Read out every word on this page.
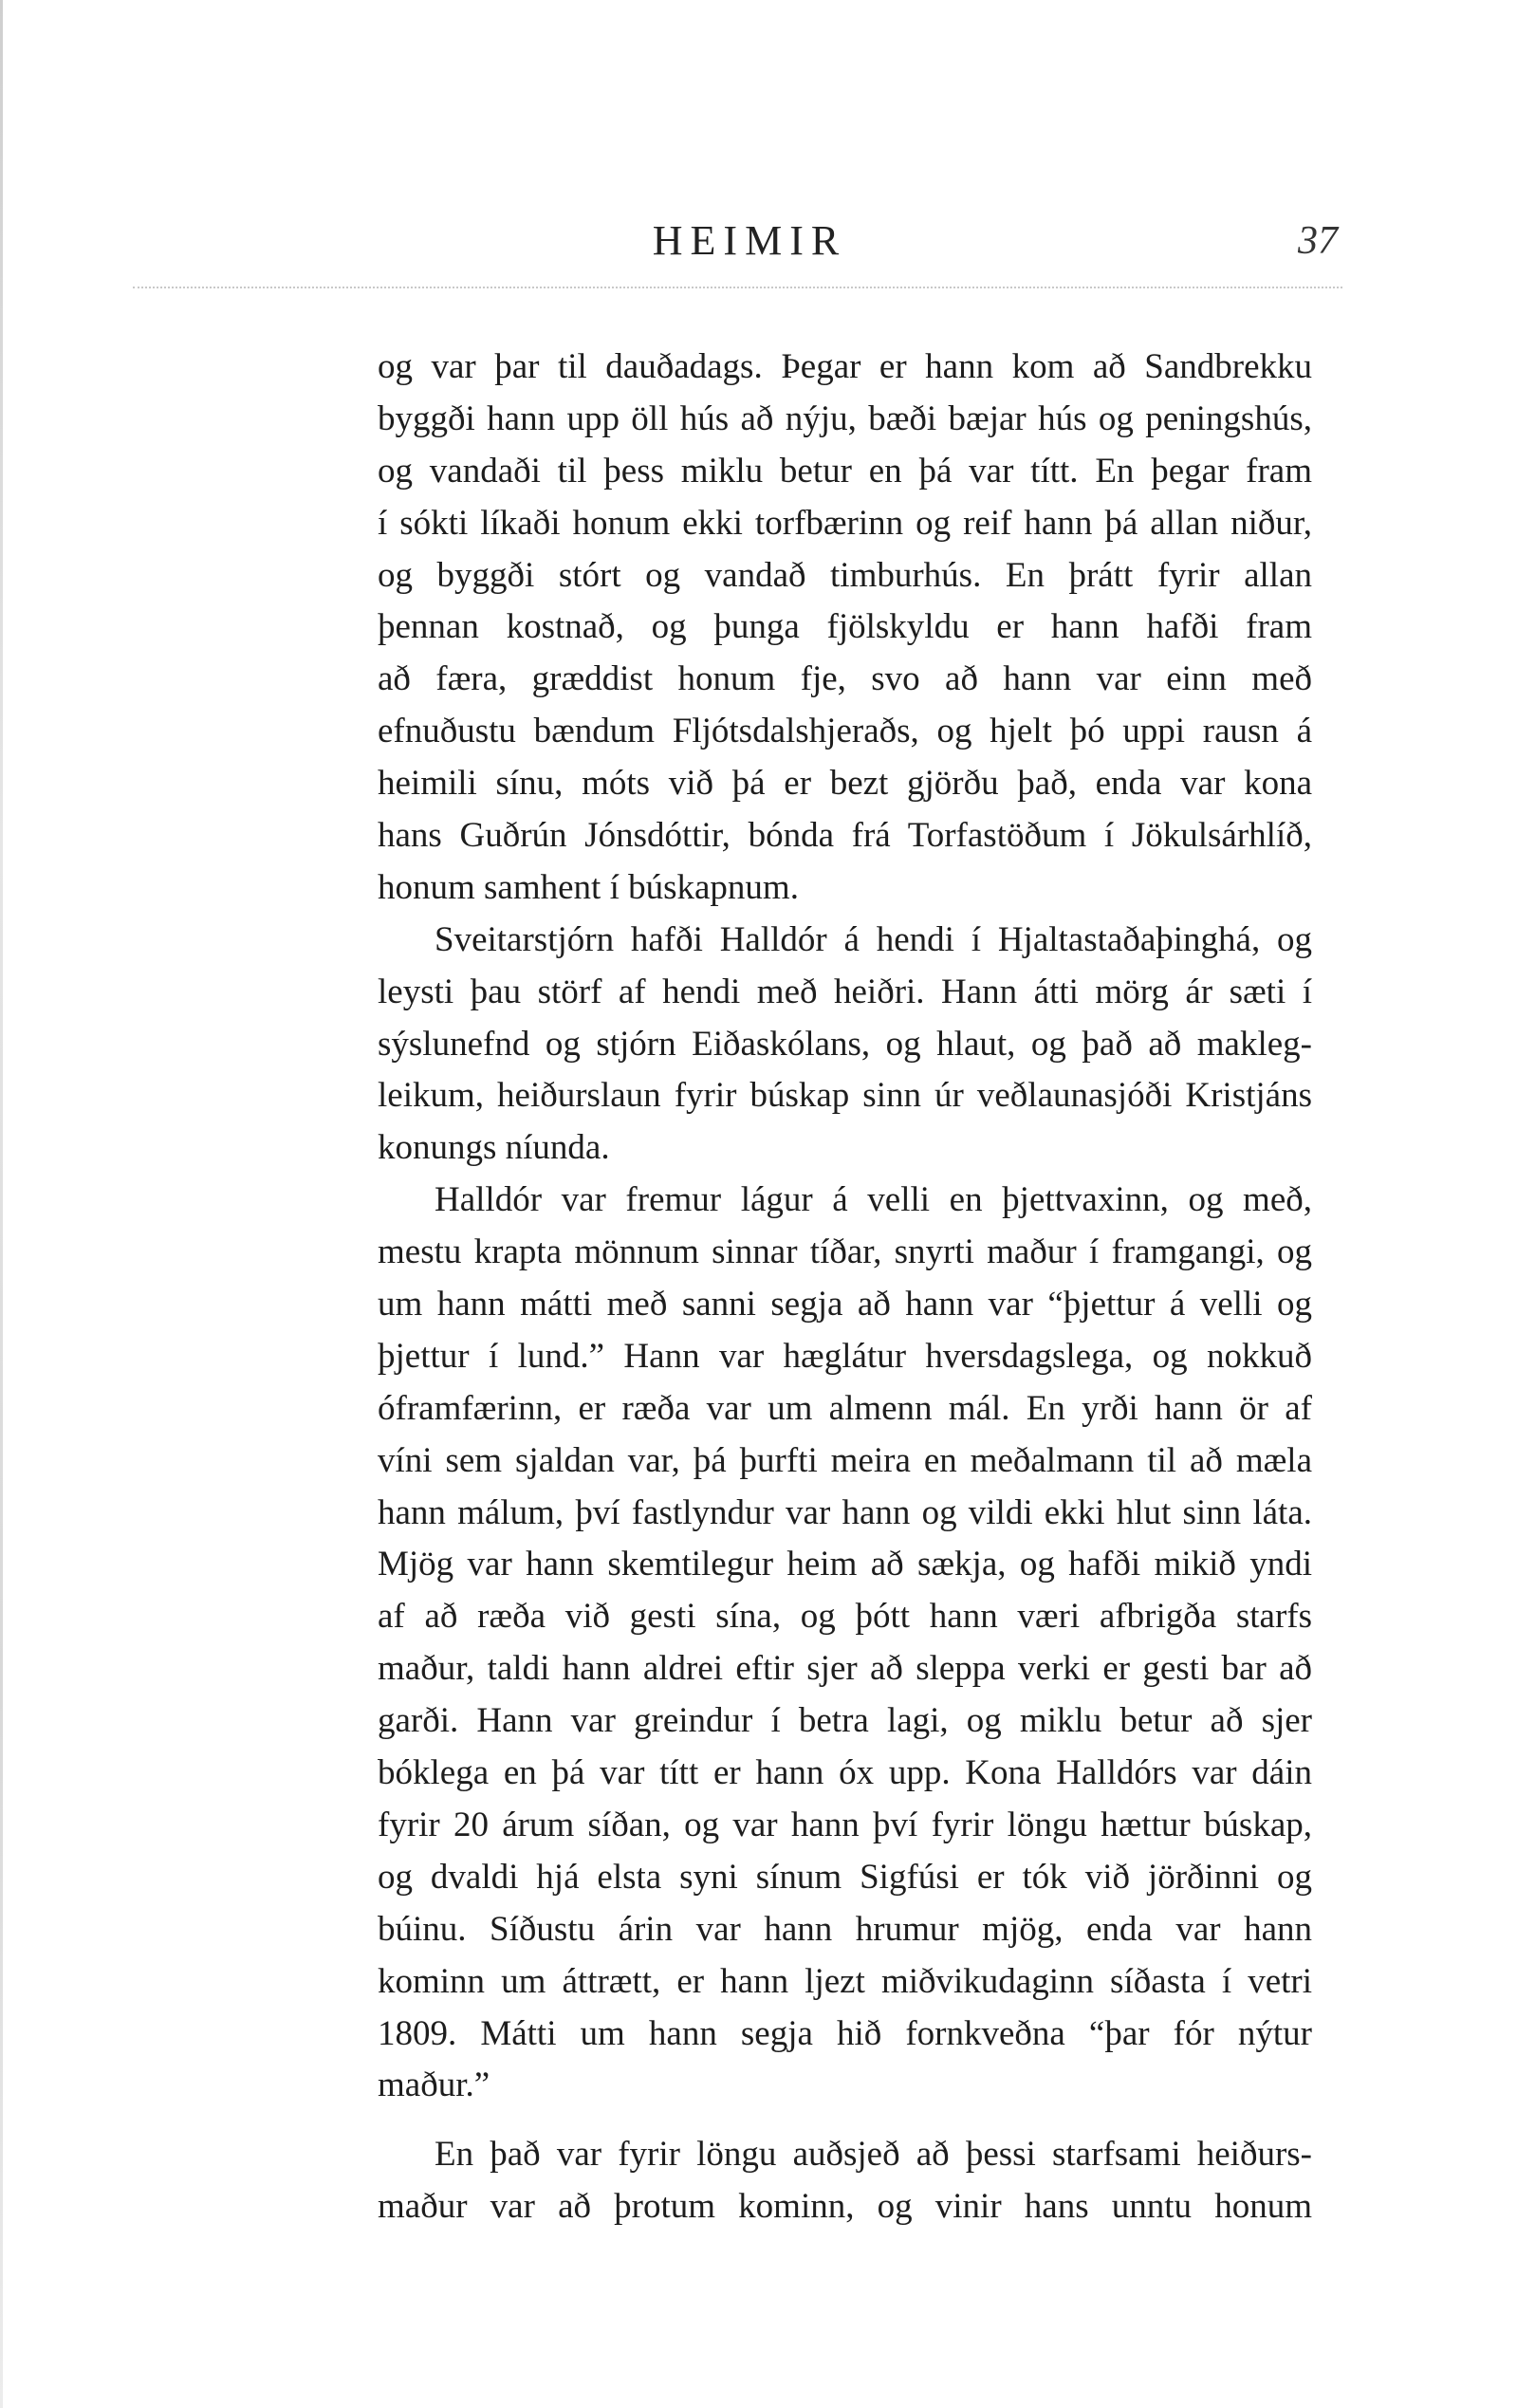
HEIMIR	37
og var þar til dauðadags. Þegar er hann kom að Sandbrekku
byggði hann upp öll hús að nýju, bæði bæjar hús og peningshús,
og vandaði til þess miklu betur en þá var títt. En þegar fram
í sókti líkaði honum ekki torfbærinn og reif hann þá allan niður,
og byggði stórt og vandað timburhús. En þrátt fyrir allan
þennan kostnað, og þunga fjölskyldu er hann hafði fram
að færa, græddist honum fje, svo að hann var einn með
efnuðustu bændum Fljótsdalshjeraðs, og hjelt þó uppi rausn á
heimili sínu, móts við þá er bezt gjörðu það, enda var kona
hans Guðrún Jónsdóttir, bónda frá Torfastöðum í Jökulsárhlíð,
honum samhent í búskapnum.
Sveitarstjórn hafði Halldór á hendi í Hjaltastaðaþinghá, og
leysti þau störf af hendi með heiðri. Hann átti mörg ár sæti í
sýslunefnd og stjórn Eiðaskólans, og hlaut, og það að makleg-
leikum, heiðurslaun fyrir búskap sinn úr veðlaunasjóði Kristjáns
konungs níunda.
Halldór var fremur lágur á velli en þjettvaxinn, og með,
mestu krapta mönnum sinnar tíðar, snyrti maður í framgangi, og
um hann mátti með sanni segja að hann var “þjettur á velli og
þjettur í lund.” Hann var hæglátur hversdagslega, og nokkuð
óframfærinn, er ræða var um almenn mál. En yrði hann ör af
víni sem sjaldan var, þá þurfti meira en meðalmann til að mæla
hann málum, því fastlyndur var hann og vildi ekki hlut sinn láta.
Mjög var hann skemtilegur heim að sækja, og hafði mikið yndi
af að ræða við gesti sína, og þótt hann væri afbrigða starfs
maður, taldi hann aldrei eftir sjer að sleppa verki er gesti bar að
garði. Hann var greindur í betra lagi, og miklu betur að sjer
bóklega en þá var títt er hann óx upp. Kona Halldórs var dáin
fyrir 20 árum síðan, og var hann því fyrir löngu hættur búskap,
og dvaldi hjá elsta syni sínum Sigfúsi er tók við jörðinni og
búinu. Síðustu árin var hann hrumur mjög, enda var hann
kominn um áttrætt, er hann ljezt miðvikudaginn síðasta í vetri
1809. Mátti um hann segja hið fornkveðna “þar fór nýtur
maður.”
En það var fyrir löngu auðsjeð að þessi starfsami heiðurs-
maður var að þrotum kominn, og vinir hans unntu honum
